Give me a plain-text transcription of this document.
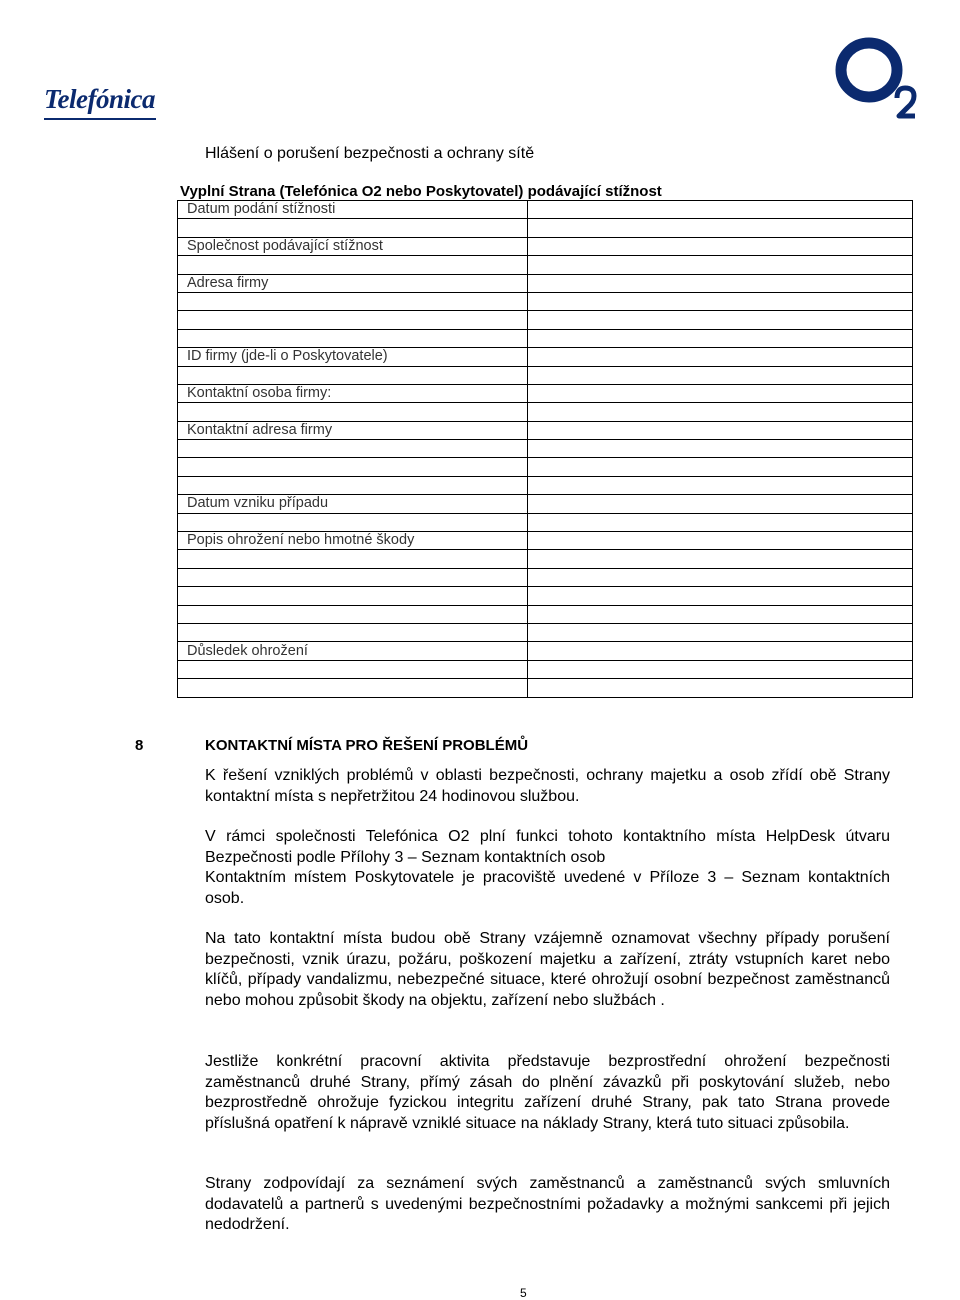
Telefónica
Hlášení o porušení bezpečnosti a ochrany sítě
Vyplní Strana (Telefónica O2 nebo Poskytovatel) podávající stížnost
Datum podání stížnosti	

Společnost podávající stížnost	

Adresa firmy	

ID firmy (jde-li o Poskytovatele)	

Kontaktní osoba firmy:	

Kontaktní adresa firmy	

Datum vzniku případu	

Popis ohrožení nebo hmotné škody	

Důsledek ohrožení	

8	KONTAKTNÍ MÍSTA PRO ŘEŠENÍ PROBLÉMŮ

K řešení vzniklých problémů v oblasti bezpečnosti, ochrany majetku a osob zřídí obě Strany kontaktní místa s nepřetržitou 24 hodinovou službou.

V rámci společnosti Telefónica O2 plní funkci tohoto kontaktního místa HelpDesk útvaru Bezpečnosti podle Přílohy 3 – Seznam kontaktních osob
Kontaktním místem Poskytovatele je pracoviště uvedené v Příloze 3 – Seznam kontaktních osob.

Na tato kontaktní místa budou obě Strany vzájemně oznamovat všechny případy porušení bezpečnosti, vznik úrazu, požáru, poškození majetku a zařízení, ztráty vstupních karet nebo klíčů, případy vandalizmu, nebezpečné situace, které ohrožují osobní bezpečnost zaměstnanců nebo mohou způsobit škody na objektu, zařízení nebo službách .

Jestliže konkrétní pracovní aktivita představuje bezprostřední ohrožení bezpečnosti zaměstnanců druhé Strany, přímý zásah do plnění závazků při poskytování služeb, nebo bezprostředně ohrožuje fyzickou integritu zařízení druhé Strany, pak tato Strana provede příslušná opatření k nápravě vzniklé situace na náklady Strany, která tuto situaci způsobila.

Strany zodpovídají za seznámení svých zaměstnanců a zaměstnanců svých smluvních dodavatelů a partnerů s uvedenými bezpečnostními požadavky a možnými sankcemi při jejich nedodržení.

5
